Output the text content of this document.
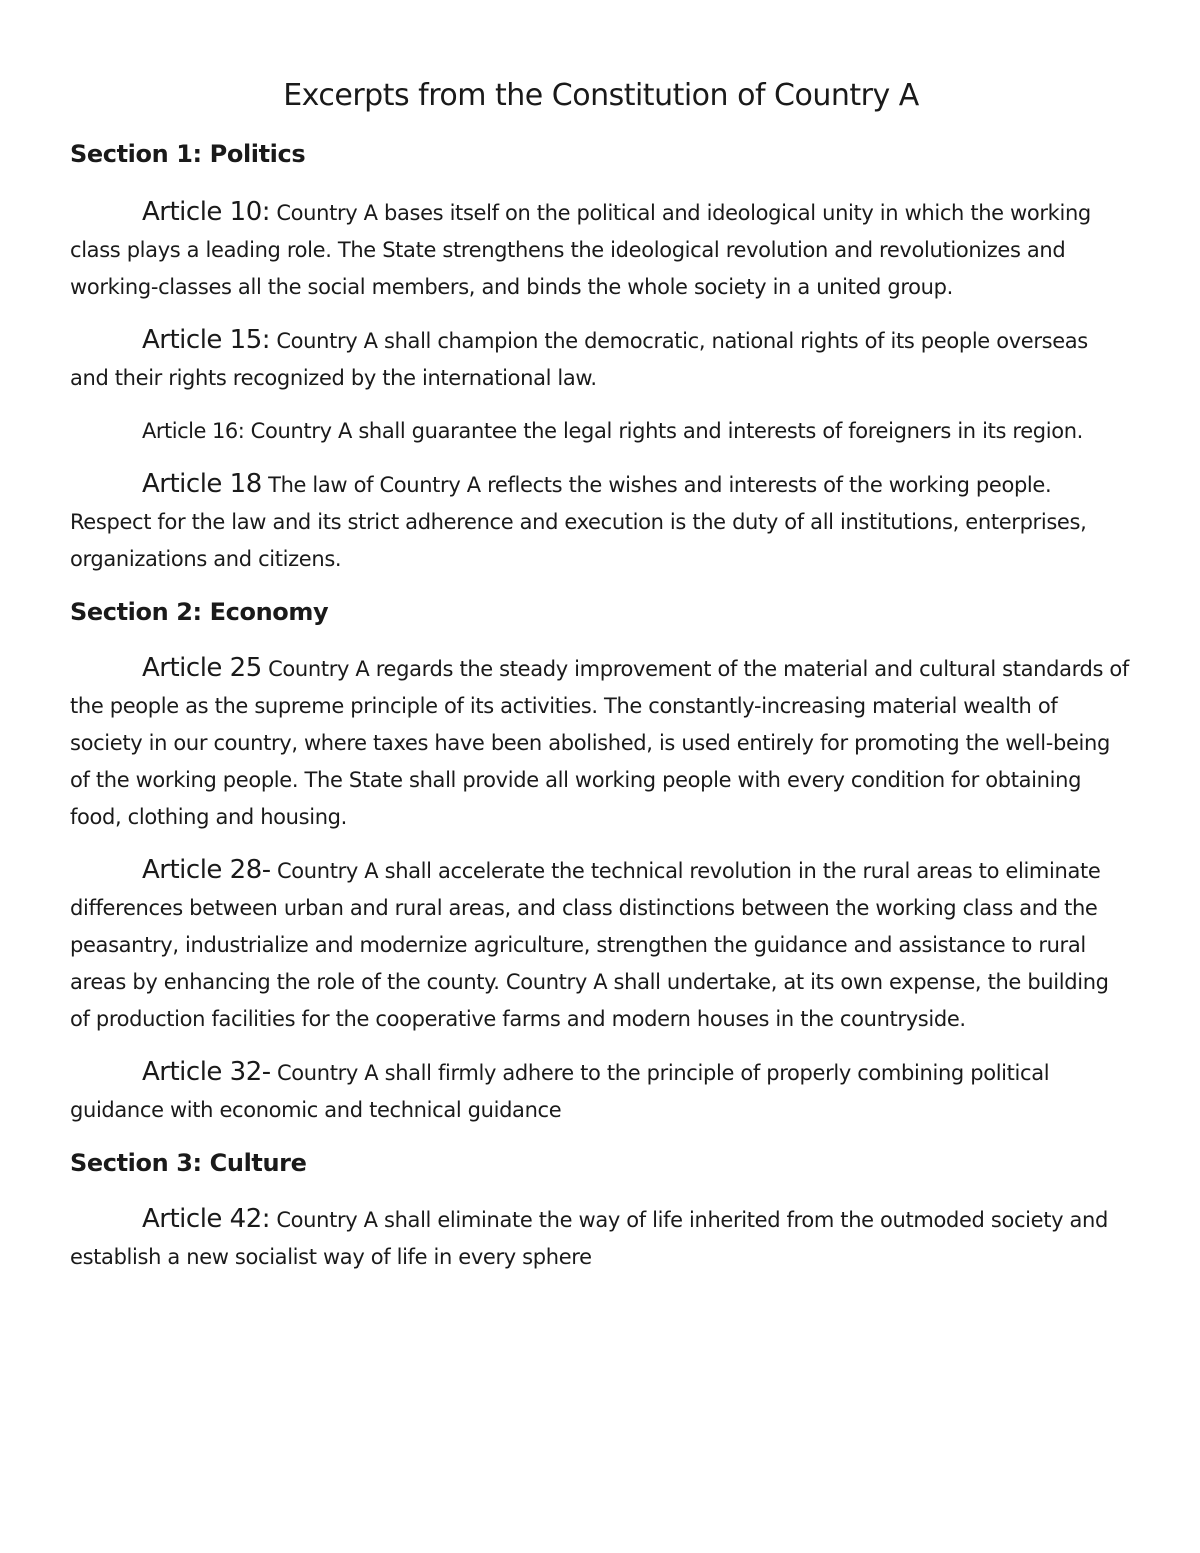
Excerpts from the Constitution of Country A
Section 1: Politics

Article 10: Country A bases itself on the political and ideological unity in which the working class plays a leading role. The State strengthens the ideological revolution and revolutionizes and working-classes all the social members, and binds the whole society in a united group.

Article 15: Country A shall champion the democratic, national rights of its people overseas and their rights recognized by the international law.

Article 16: Country A shall guarantee the legal rights and interests of foreigners in its region.

Article 18 The law of Country A reflects the wishes and interests of the working people. Respect for the law and its strict adherence and execution is the duty of all institutions, enterprises, organizations and citizens.

Section 2: Economy

Article 25 Country A regards the steady improvement of the material and cultural standards of the people as the supreme principle of its activities. The constantly-increasing material wealth of society in our country, where taxes have been abolished, is used entirely for promoting the well-being of the working people. The State shall provide all working people with every condition for obtaining food, clothing and housing.

Article 28- Country A shall accelerate the technical revolution in the rural areas to eliminate differences between urban and rural areas, and class distinctions between the working class and the peasantry, industrialize and modernize agriculture, strengthen the guidance and assistance to rural areas by enhancing the role of the county. Country A shall undertake, at its own expense, the building of production facilities for the cooperative farms and modern houses in the countryside.

Article 32- Country A shall firmly adhere to the principle of properly combining political guidance with economic and technical guidance

Section 3: Culture

Article 42: Country A shall eliminate the way of life inherited from the outmoded society and establish a new socialist way of life in every sphere
